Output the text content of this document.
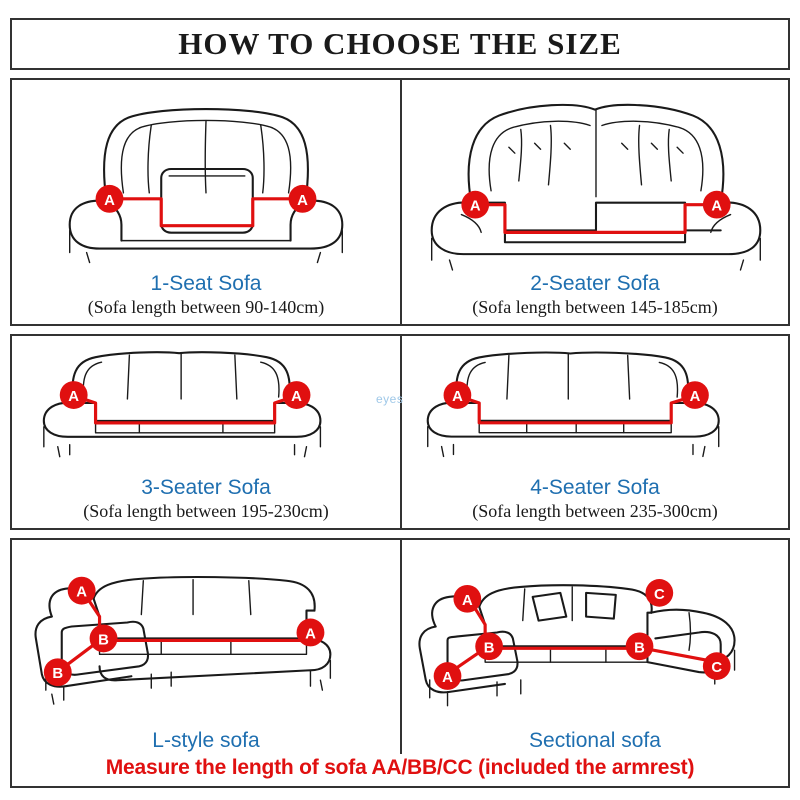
HOW TO CHOOSE THE SIZE
A	A
1-Seat Sofa
(Sofa length between 90-140cm)
A	A
2-Seater Sofa
(Sofa length between 145-185cm)
A	A
3-Seater Sofa
(Sofa length between 195-230cm)
A	A
4-Seater Sofa
(Sofa length between 235-300cm)
A
B
B
A
L-style sofa
A	C
B	B
A
C
Sectional sofa
Measure the length of sofa AA/BB/CC (included the armrest)
eyes
